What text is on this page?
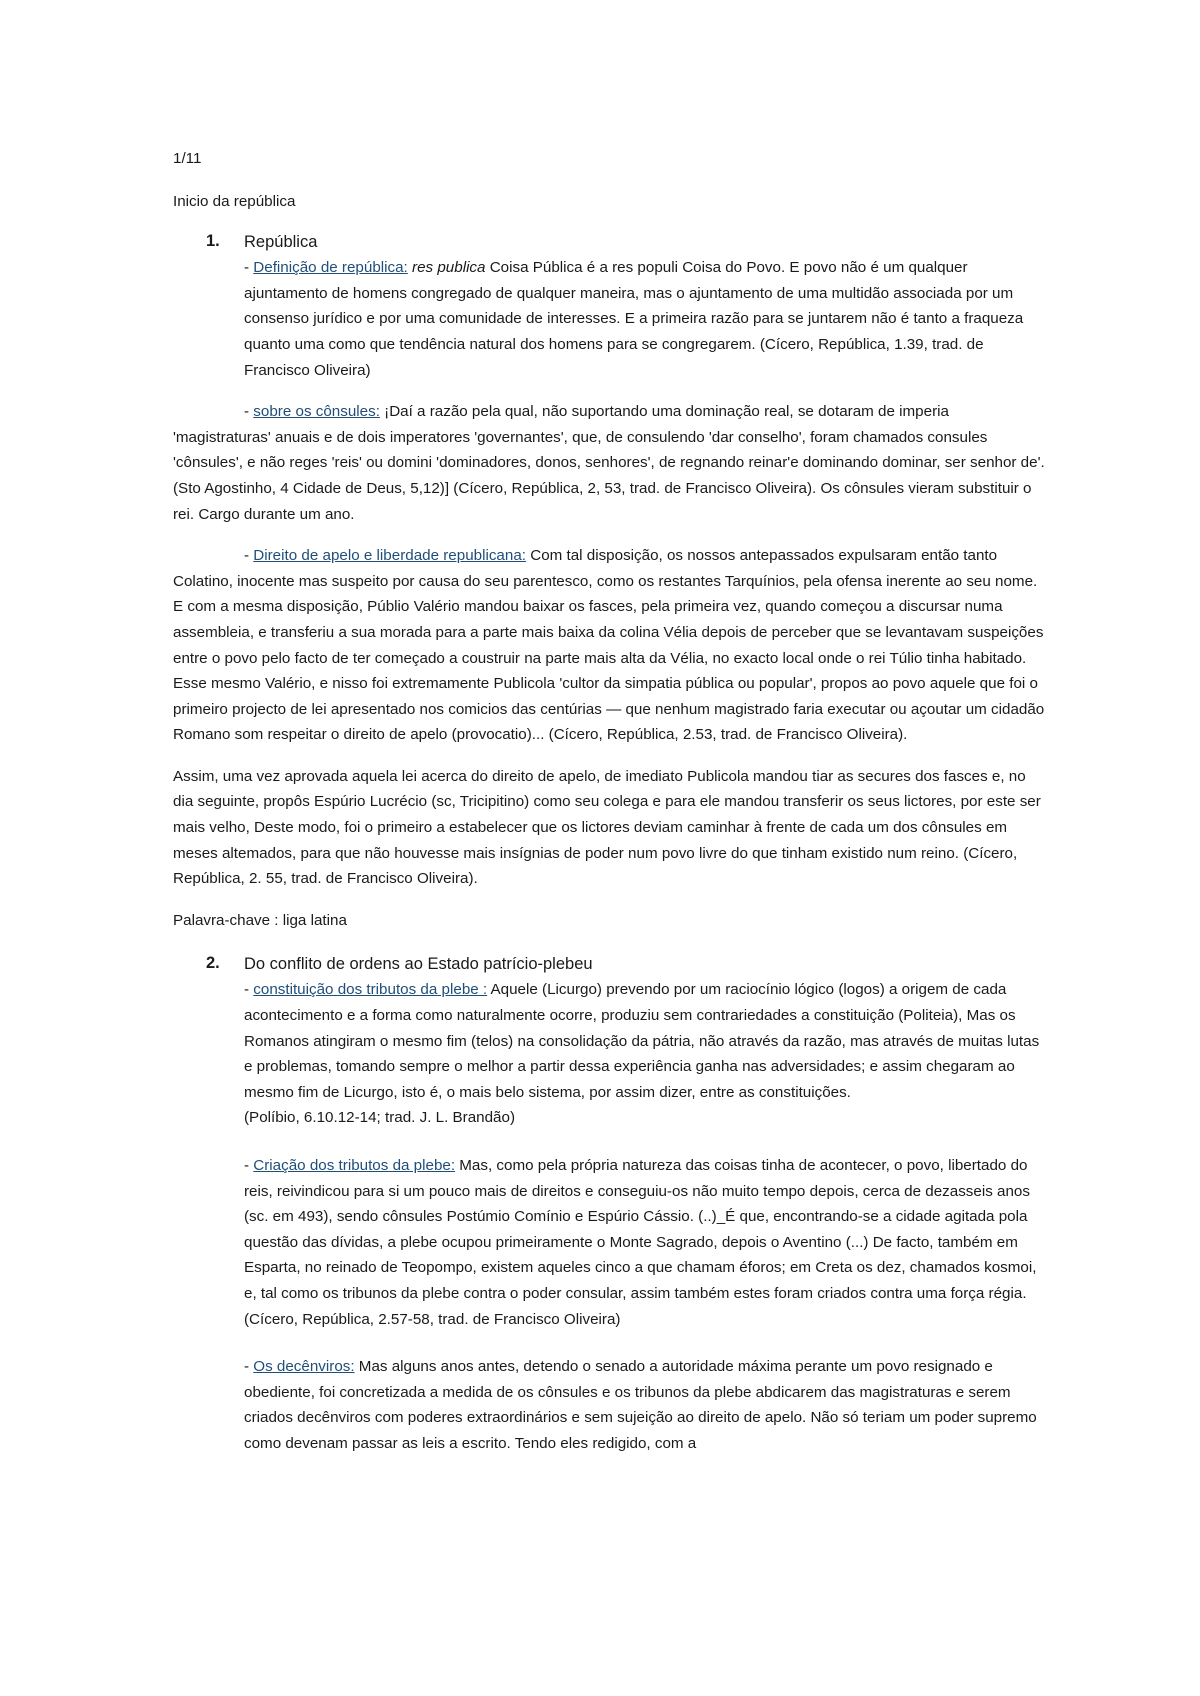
1/11

Inicio da república

1. República

- Definição de república: res publica Coisa Pública é a res populi Coisa do Povo. E povo não é um qualquer ajuntamento de homens congregado de qualquer maneira, mas o ajuntamento de uma multidão associada por um consenso jurídico e por uma comunidade de interesses. E a primeira razão para se juntarem não é tanto a fraqueza quanto uma como que tendência natural dos homens para se congregarem. (Cícero, República, 1.39, trad. de Francisco Oliveira)

- sobre os cônsules: ¡Daí a razão pela qual, não suportando uma dominação real, se dotaram de imperia 'magistraturas' anuais e de dois imperatores 'governantes', que, de consulendo 'dar conselho', foram chamados consules 'cônsules', e não reges 'reis' ou domini 'dominadores, donos, senhores', de regnando reinar'e dominando dominar, ser senhor de'. (Sto Agostinho, 4 Cidade de Deus, 5,12)] (Cícero, República, 2, 53, trad. de Francisco Oliveira). Os cônsules vieram substituir o rei. Cargo durante um ano.

- Direito de apelo e liberdade republicana: Com tal disposição, os nossos antepassados expulsaram então tanto Colatino, inocente mas suspeito por causa do seu parentesco, como os restantes Tarquínios, pela ofensa inerente ao seu nome. E com a mesma disposição, Públio Valério mandou baixar os fasces, pela primeira vez, quando começou a discursar numa assembleia, e transferiu a sua morada para a parte mais baixa da colina Vélia depois de perceber que se levantavam suspeições entre o povo pelo facto de ter começado a coustruir na parte mais alta da Vélia, no exacto local onde o rei Túlio tinha habitado. Esse mesmo Valério, e nisso foi extremamente Publicola 'cultor da simpatia pública ou popular', propos ao povo aquele que foi o primeiro projecto de lei apresentado nos comicios das centúrias — que nenhum magistrado faria executar ou açoutar um cidadão Romano som respeitar o direito de apelo (provocatio)... (Cícero, República, 2.53, trad. de Francisco Oliveira).

Assim, uma vez aprovada aquela lei acerca do direito de apelo, de imediato Publicola mandou tiar as secures dos fasces e, no dia seguinte, propôs Espúrio Lucrécio (sc, Tricipitino) como seu colega e para ele mandou transferir os seus lictores, por este ser mais velho, Deste modo, foi o primeiro a estabelecer que os lictores deviam caminhar à frente de cada um dos cônsules em meses altemados, para que não houvesse mais insígnias de poder num povo livre do que tinham existido num reino. (Cícero, República, 2. 55, trad. de Francisco Oliveira).

Palavra-chave : liga latina

2. Do conflito de ordens ao Estado patrício-plebeu

- constituição dos tributos da plebe : Aquele (Licurgo) prevendo por um raciocínio lógico (logos) a origem de cada acontecimento e a forma como naturalmente ocorre, produziu sem contrariedades a constituição (Politeia), Mas os Romanos atingiram o mesmo fim (telos) na consolidação da pátria, não através da razão, mas através de muitas lutas e problemas, tomando sempre o melhor a partir dessa experiência ganha nas adversidades; e assim chegaram ao mesmo fim de Licurgo, isto é, o mais belo sistema, por assim dizer, entre as constituições.
(Políbio, 6.10.12-14; trad. J. L. Brandão)

- Criação dos tributos da plebe: Mas, como pela própria natureza das coisas tinha de acontecer, o povo, libertado do reis, reivindicou para si um pouco mais de direitos e conseguiu-os não muito tempo depois, cerca de dezasseis anos (sc. em 493), sendo cônsules Postúmio Comínio e Espúrio Cássio. (..)_É que, encontrando-se a cidade agitada pola questão das dívidas, a plebe ocupou primeiramente o Monte Sagrado, depois o Aventino (...) De facto, também em Esparta, no reinado de Teopompo, existem aqueles cinco a que chamam éforos; em Creta os dez, chamados kosmoi, e, tal como os tribunos da plebe contra o poder consular, assim também estes foram criados contra uma força régia.
(Cícero, República, 2.57-58, trad. de Francisco Oliveira)

- Os decênviros: Mas alguns anos antes, detendo o senado a autoridade máxima perante um povo resignado e obediente, foi concretizada a medida de os cônsules e os tribunos da plebe abdicarem das magistraturas e serem criados decênviros com poderes extraordinários e sem sujeição ao direito de apelo. Não só teriam um poder supremo como devenam passar as leis a escrito. Tendo eles redigido, com a
